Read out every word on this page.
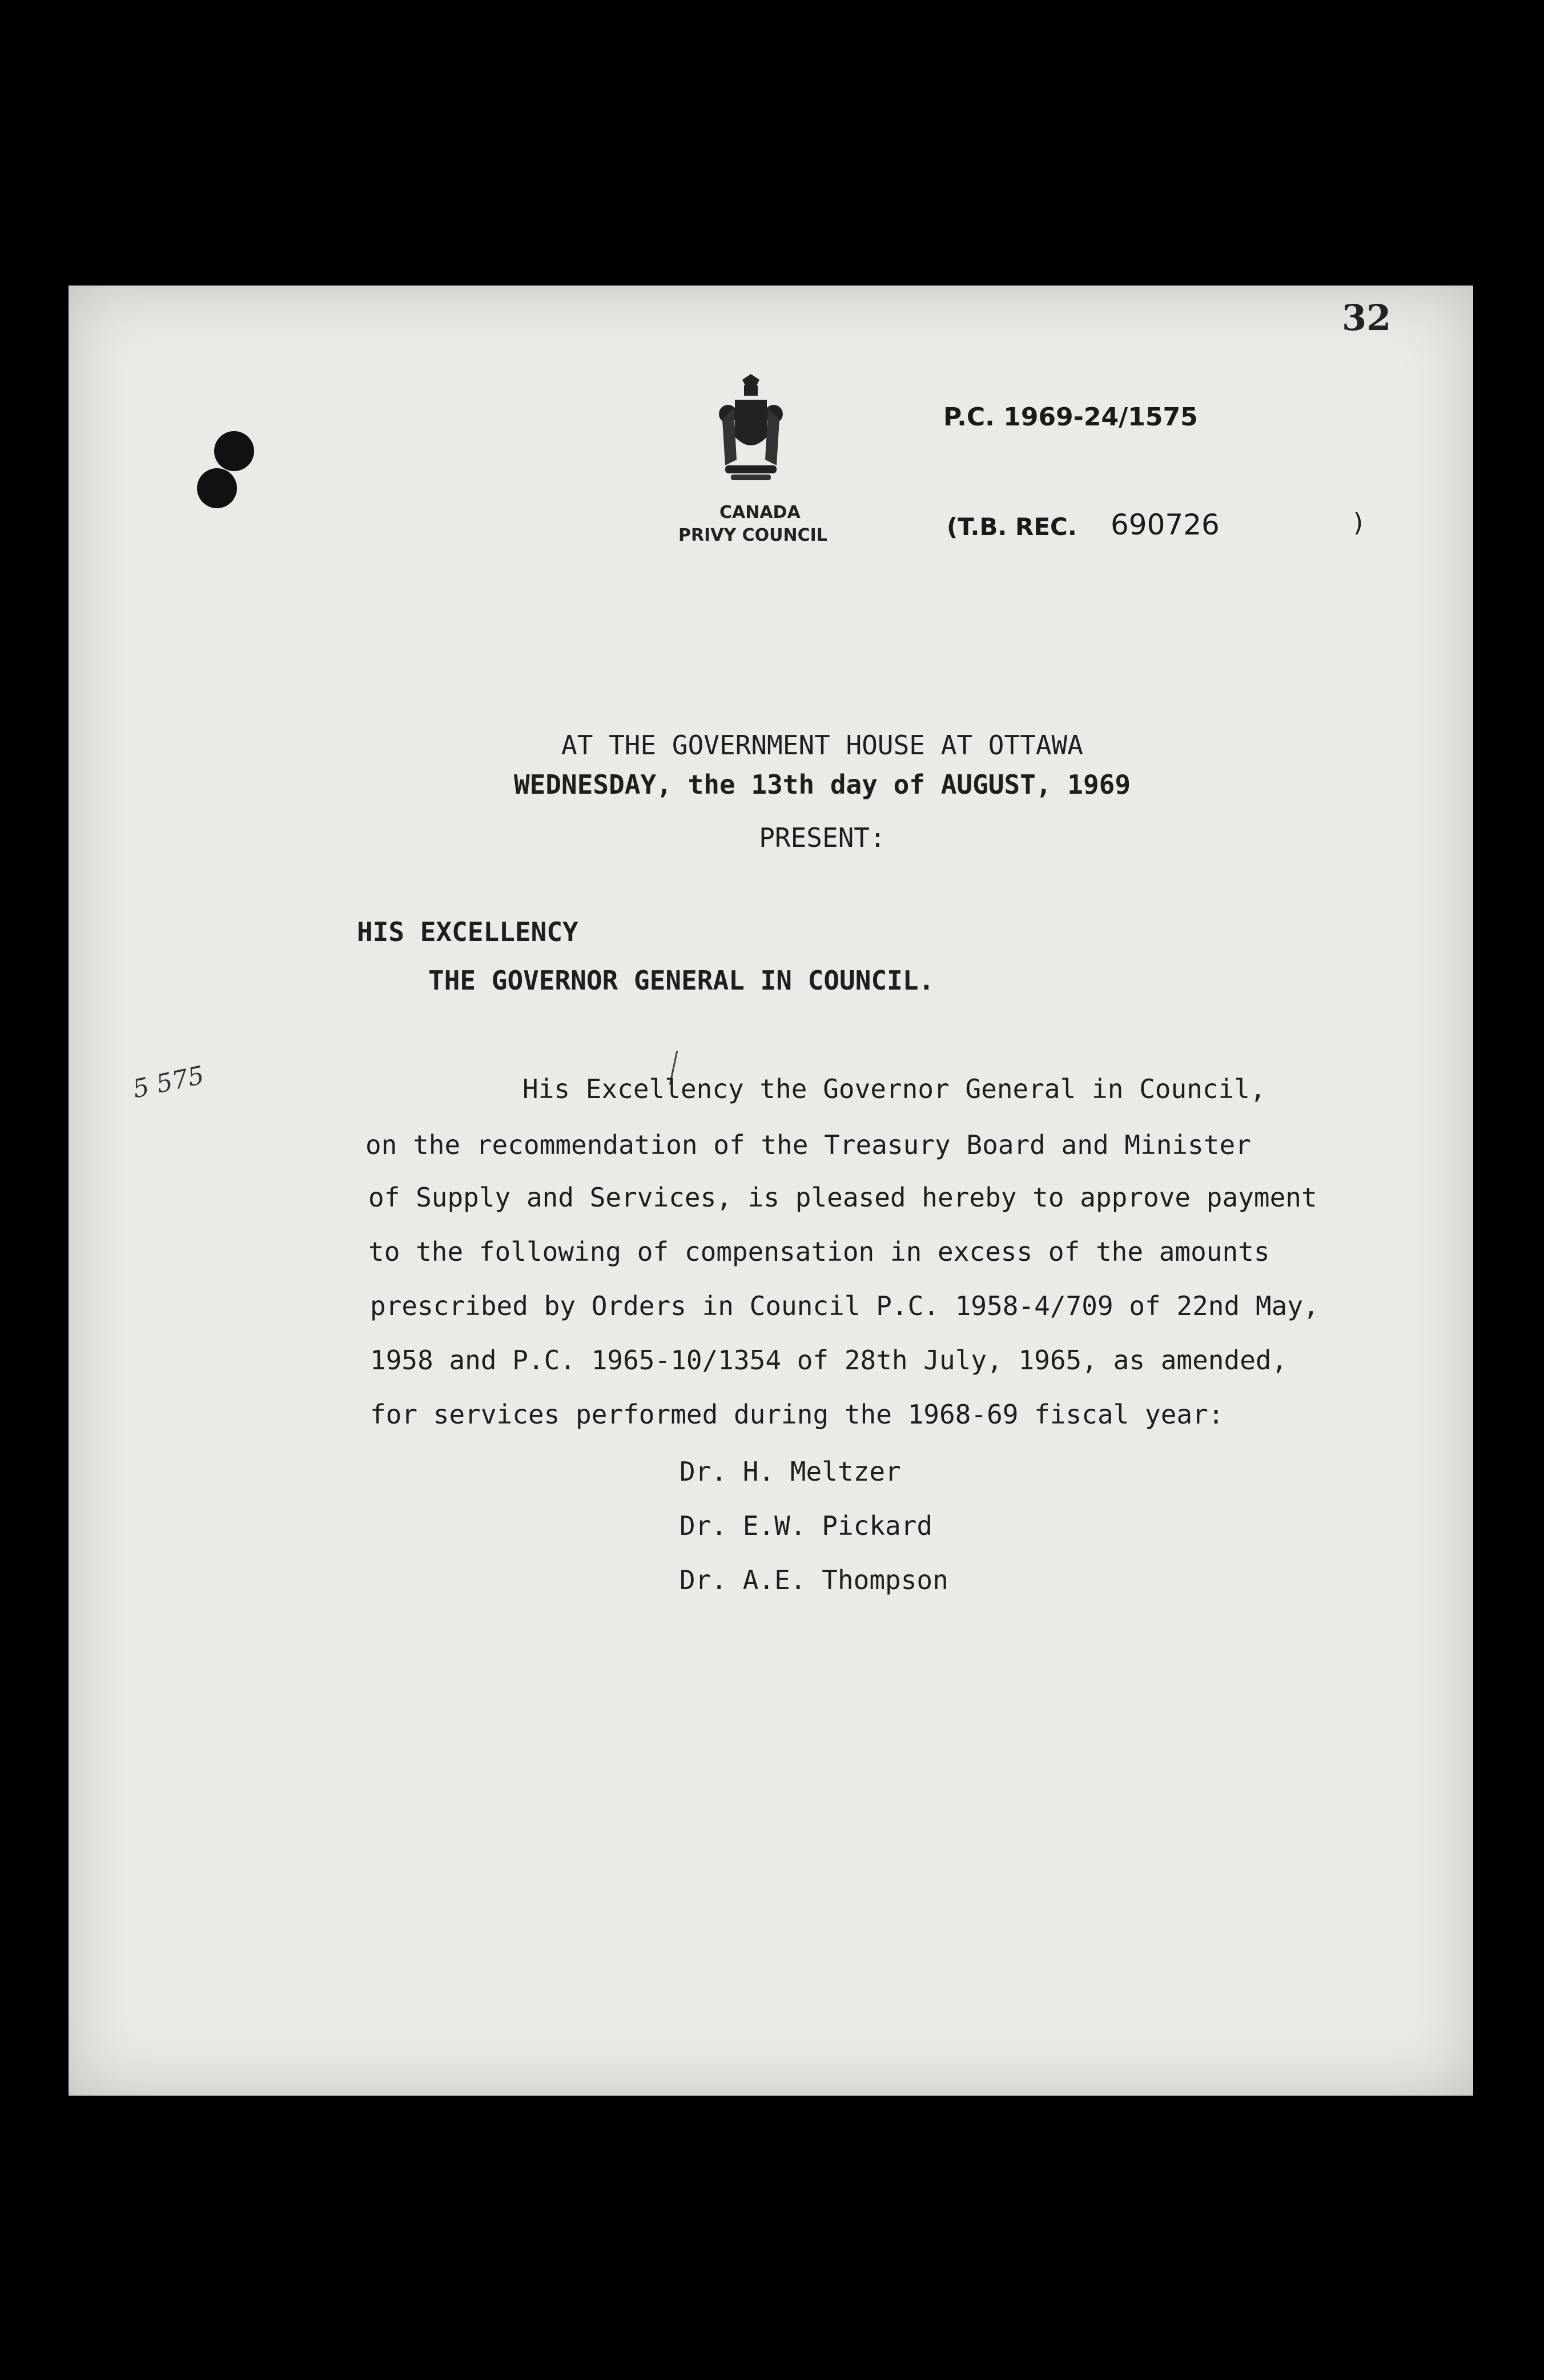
32
CANADA
PRIVY COUNCIL
P.C. 1969-24/1575
(T.B. REC. 690726	)
AT THE GOVERNMENT HOUSE AT OTTAWA
WEDNESDAY, the 13th day of AUGUST, 1969
PRESENT:
HIS EXCELLENCY
THE GOVERNOR GENERAL IN COUNCIL.
5 575	His Excellency the Governor General in Council,
on the recommendation of the Treasury Board and Minister
of Supply and Services, is pleased hereby to approve payment
to the following of compensation in excess of the amounts
prescribed by Orders in Council P.C. 1958-4/709 of 22nd May,
1958 and P.C. 1965-10/1354 of 28th July, 1965, as amended,
for services performed during the 1968-69 fiscal year:
Dr. H. Meltzer
Dr. E.W. Pickard
Dr. A.E. Thompson
